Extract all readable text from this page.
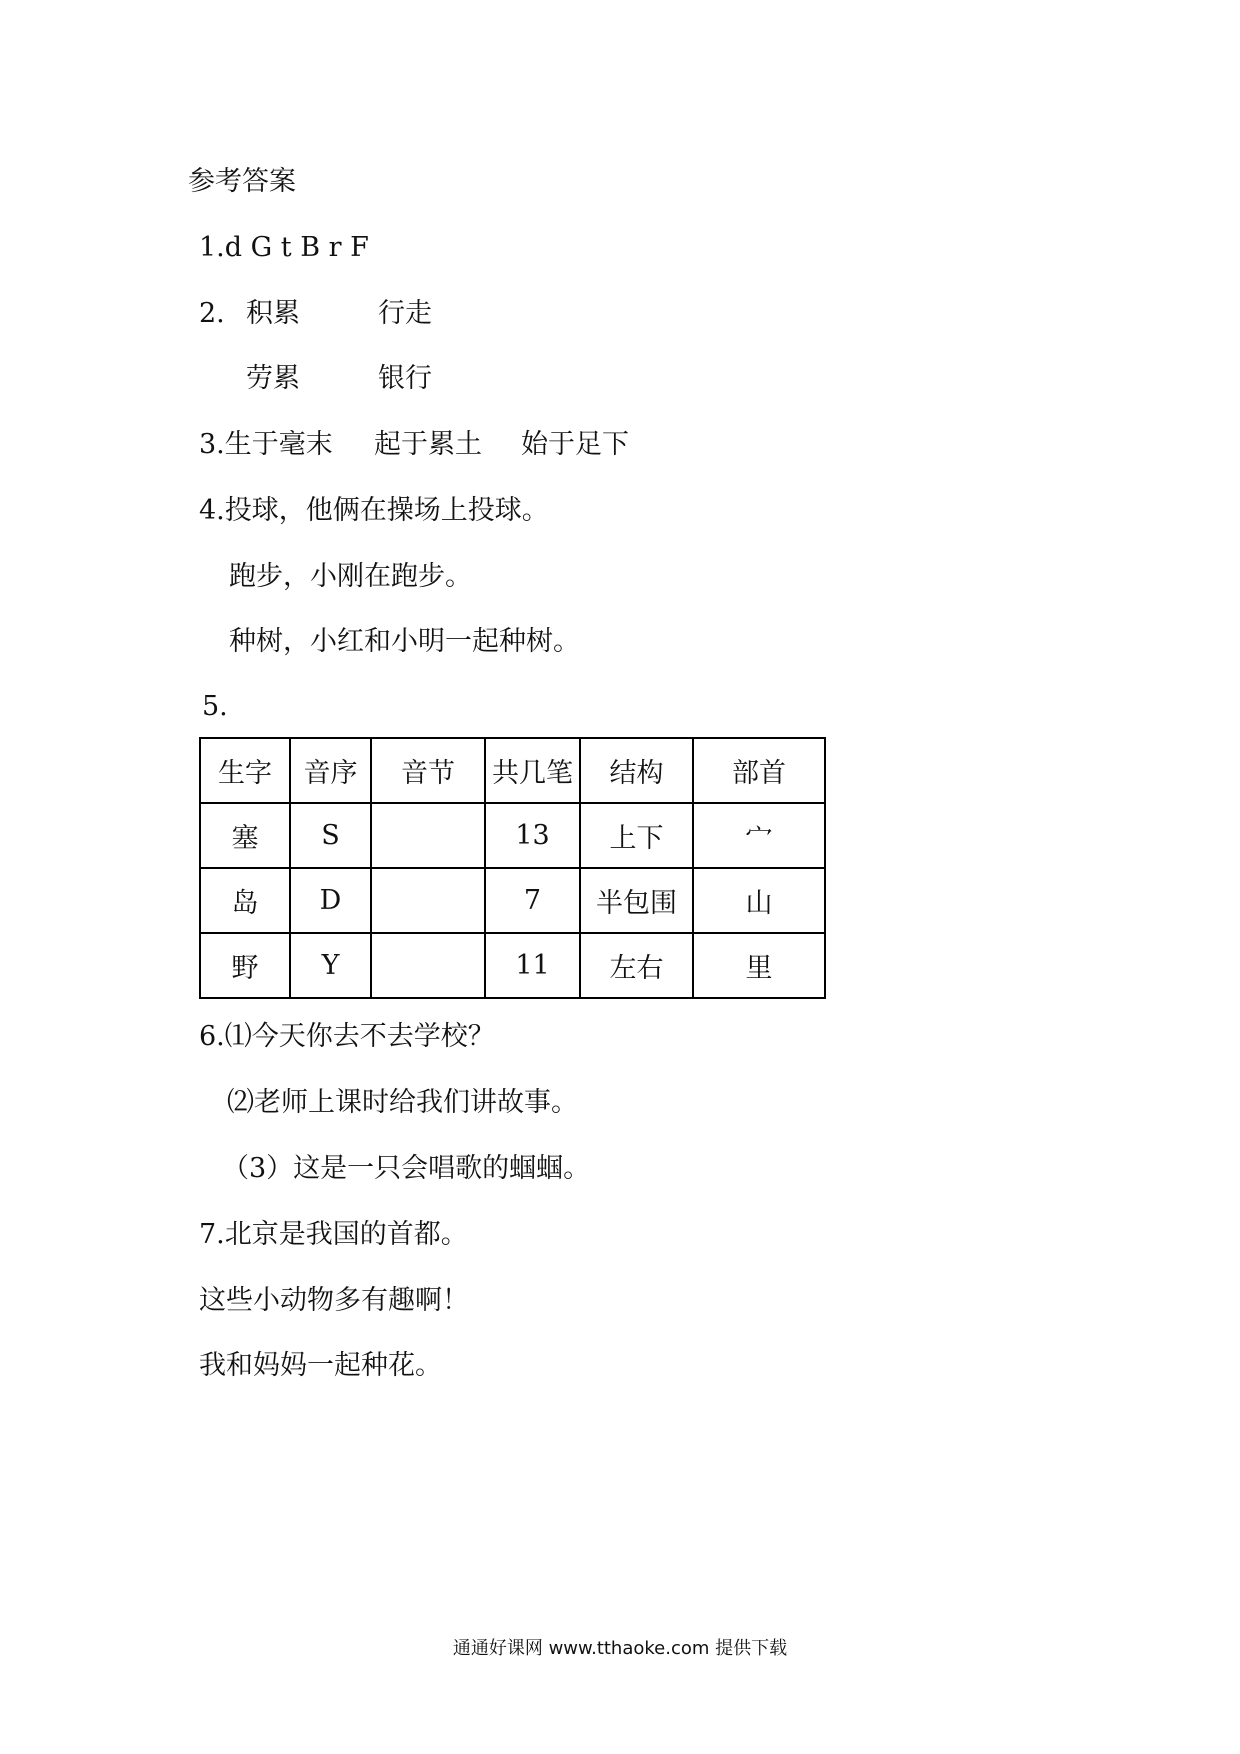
参考答案
1.d G t B r F
2. 积累	行走
劳累	银行
3.生于毫末 起于累土 始于足下
4.投球，他俩在操场上投球。
跑步，小刚在跑步。
种树，小红和小明一起种树。
5.
生字	音序	音节	共几笔	结构	部首
塞	S		13	上下	宀
岛	D		7	半包围	山
野	Y		11	左右	里
6.⑴今天你去不去学校？
⑵老师上课时给我们讲故事。
（3）这是一只会唱歌的蝈蝈。
7.北京是我国的首都。
这些小动物多有趣啊！
我和妈妈一起种花。
通通好课网 www.tthaoke.com 提供下载
